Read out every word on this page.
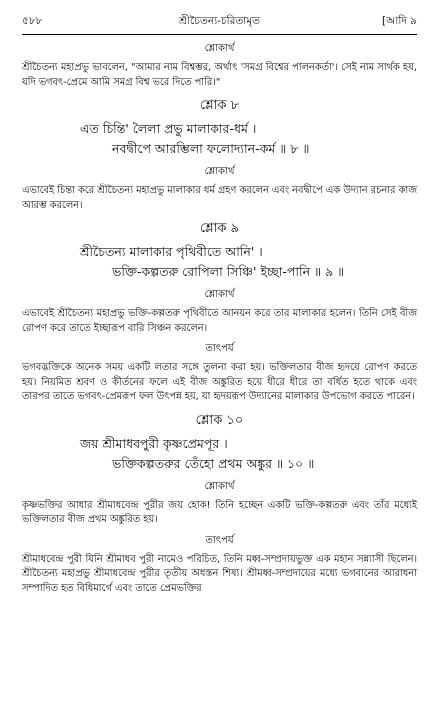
৫৮৮	শ্রীচৈতন্য-চরিতামৃত	[আদি ৯
শ্লোকার্থ

শ্রীচৈতন্য মহাপ্রভু ভাবলেন, "আমার নাম বিশ্বম্ভর, অর্থাৎ 'সমগ্র বিশ্বের পালনকর্তা'। সেই নাম সার্থক হয়, যদি ভগবৎ-প্রেমে আমি সমগ্র বিশ্ব ভরে দিতে পারি।"

শ্লোক ৮
এত চিন্তি' লৈলা প্রভু মালাকার-ধর্ম ।
নবদ্বীপে আরম্ভিলা ফলোদ্যান-কর্ম ॥ ৮ ॥
শ্লোকার্থ

এভাবেই চিন্তা করে শ্রীচৈতন্য মহাপ্রভু মালাকার ধর্ম গ্রহণ করলেন এবং নবদ্বীপে এক উদ্যান রচনার কাজ আরম্ভ করলেন।

শ্লোক ৯
শ্রীচৈতন্য মালাকার পৃথিবীতে আনি' ।
ভক্তি-কল্পতরু রোপিলা সিঞ্চি' ইচ্ছা-পানি ॥ ৯ ॥
শ্লোকার্থ

এভাবেই শ্রীচৈতন্য মহাপ্রভু ভক্তি-কল্পতরু পৃথিবীতে আনয়ন করে তার মালাকার হলেন। তিনি সেই বীজ রোপণ করে তাতে ইচ্ছারূপ বারি সিঞ্চন করলেন।

তাৎপর্য

ভগবদ্ভক্তিকে অনেক সময় একটি লতার সঙ্গে তুলনা করা হয়। ভক্তিলতার বীজ হৃদয়ে রোপণ করতে হয়। নিয়মিত শ্রবণ ও কীর্তনের ফলে এই বীজ অঙ্কুরিত হয়ে ধীরে ধীরে তা বর্ধিত হতে থাকে এবং তারপর তাতে ভগবৎ-প্রেমরূপ ফল উৎপন্ন হয়, যা হৃদয়রূপ উদ্যানের মালাকার উপভোগ করতে পারেন।

শ্লোক ১০
জয় শ্রীমাধবপুরী কৃষ্ণপ্রেমপূর ।
ভক্তিকল্পতরুর তেঁহো প্রথম অঙ্কুর ॥ ১০ ॥
শ্লোকার্থ

কৃষ্ণভক্তির আধার শ্রীমাধবেন্দ্র পুরীর জয় হোক! তিনি হচ্ছেন একটি ভক্তি-কল্পতরু এবং তাঁর মধ্যেই ভক্তিলতার বীজ প্রথম অঙ্কুরিত হয়।

তাৎপর্য

শ্রীমাধবেন্দ্র পুরী যিনি শ্রীমাধব পুরী নামেও পরিচিত, তিনি মধ্ব-সম্প্রদায়ভুক্ত এক মহান সন্ন্যাসী ছিলেন। শ্রীচৈতন্য মহাপ্রভু শ্রীমাধবেন্দ্র পুরীর তৃতীয় অধস্তন শিষ্য। শ্রীমধ্ব-সম্প্রদায়ের মধ্যে ভগবানের আরাধনা সম্পাদিত হত বিধিমার্গে এবং তাতে প্রেমভক্তির
